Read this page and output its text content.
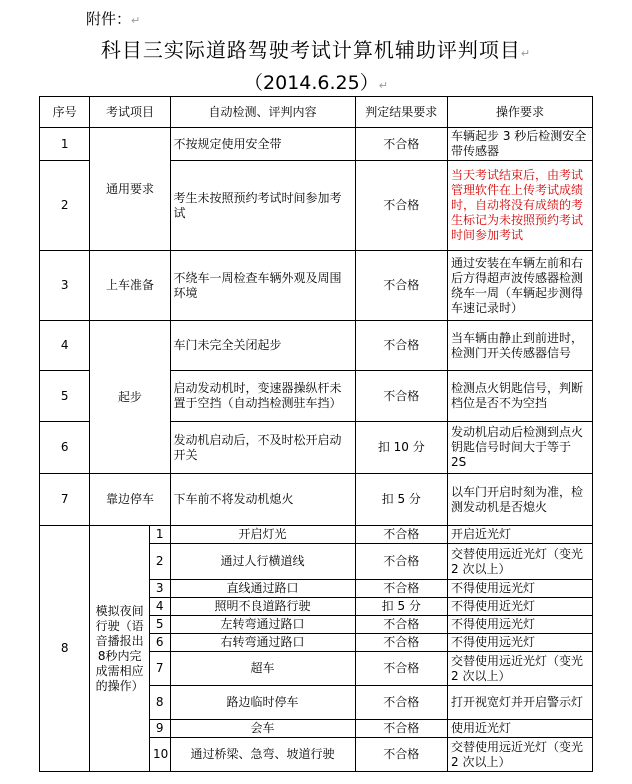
附件：↵
科目三实际道路驾驶考试计算机辅助评判项目↵
（2014.6.25）↵
序号	考试项目		自动检测、评判内容	判定结果要求	操作要求
1	通用要求		不按规定使用安全带	不合格	车辆起步 3 秒后检测安全带传感器
2			考生未按照预约考试时间参加考试	不合格	当天考试结束后，由考试管理软件在上传考试成绩时，自动将没有成绩的考生标记为未按照预约考试时间参加考试
3	上车准备		不绕车一周检查车辆外观及周围环境	不合格	通过安装在车辆左前和右后方得超声波传感器检测绕车一周（车辆起步测得车速记录时）
4	起步		车门未完全关闭起步	不合格	当车辆由静止到前进时，检测门开关传感器信号
5			启动发动机时，变速器操纵杆未置于空挡（自动挡检测驻车挡）	不合格	检测点火钥匙信号，判断档位是否不为空挡
6			发动机启动后，不及时松开启动开关	扣 10 分	发动机启动后检测到点火钥匙信号时间大于等于 2S
7	靠边停车		下车前不将发动机熄火	扣 5 分	以车门开启时刻为准，检测发动机是否熄火
8	模拟夜间行驶（语音播报出8秒内完成需相应的操作）	1	开启灯光	不合格	开启近光灯
		2	通过人行横道线	不合格	交替使用远近光灯（变光 2 次以上）
		3	直线通过路口	不合格	不得使用远光灯
		4	照明不良道路行驶	扣 5 分	不得使用近光灯
		5	左转弯通过路口	不合格	不得使用远光灯
		6	右转弯通过路口	不合格	不得使用远光灯
		7	超车	不合格	交替使用远近光灯（变光 2 次以上）
		8	路边临时停车	不合格	打开视宽灯并开启警示灯
		9	会车	不合格	使用近光灯
		10	通过桥梁、急弯、坡道行驶	不合格	交替使用远近光灯（变光 2 次以上）
